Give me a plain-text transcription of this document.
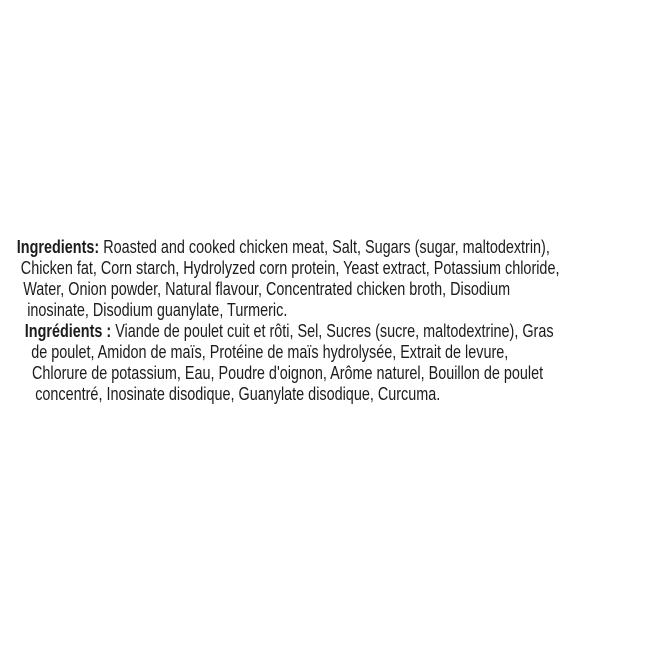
Ingredients: Roasted and cooked chicken meat, Salt, Sugars (sugar, maltodextrin),
Chicken fat, Corn starch, Hydrolyzed corn protein, Yeast extract, Potassium chloride,
Water, Onion powder, Natural flavour, Concentrated chicken broth, Disodium
inosinate, Disodium guanylate, Turmeric.
Ingrédients : Viande de poulet cuit et rôti, Sel, Sucres (sucre, maltodextrine), Gras
de poulet, Amidon de maïs, Protéine de maïs hydrolysée, Extrait de levure,
Chlorure de potassium, Eau, Poudre d'oignon, Arôme naturel, Bouillon de poulet
concentré, Inosinate disodique, Guanylate disodique, Curcuma.
